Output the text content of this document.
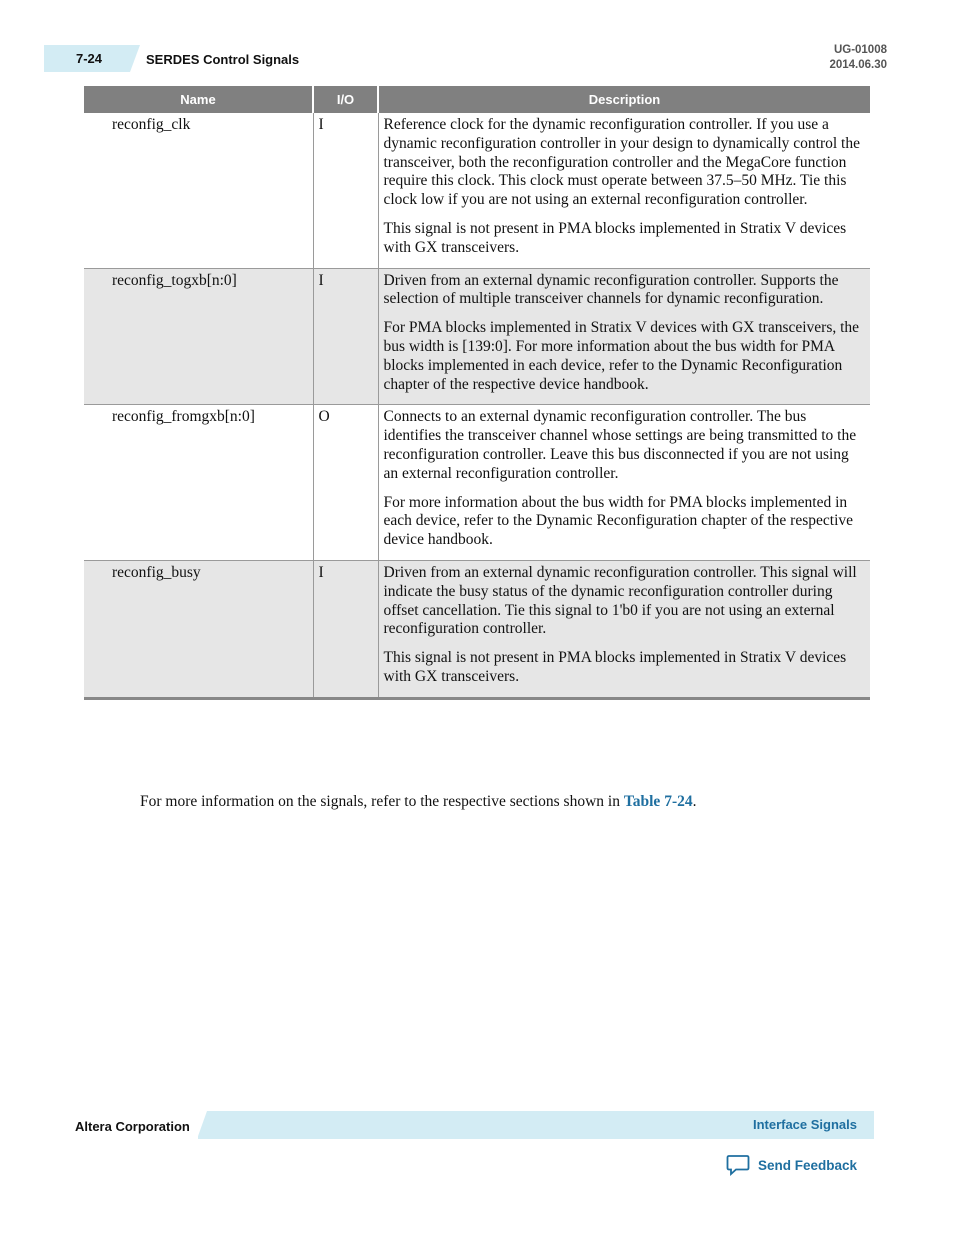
7-24	SERDES Control Signals
UG-01008
2014.06.30
Name	I/O	Description
reconfig_clk	I	Reference clock for the dynamic reconfiguration controller. If you use a dynamic reconfiguration controller in your design to dynamically control the transceiver, both the reconfiguration controller and the MegaCore function require this clock. This clock must operate between 37.5–50 MHz. Tie this clock low if you are not using an external reconfiguration controller.

This signal is not present in PMA blocks implemented in Stratix V devices with GX transceivers.

reconfig_togxb[n:0]	I	Driven from an external dynamic reconfiguration controller. Supports the selection of multiple transceiver channels for dynamic reconfiguration.

For PMA blocks implemented in Stratix V devices with GX transceivers, the bus width is [139:0]. For more information about the bus width for PMA blocks implemented in each device, refer to the Dynamic Reconfiguration chapter of the respective device handbook.

reconfig_fromgxb[n:0]	O	Connects to an external dynamic reconfiguration controller. The bus identifies the transceiver channel whose settings are being transmitted to the reconfiguration controller. Leave this bus disconnected if you are not using an external reconfiguration controller.

For more information about the bus width for PMA blocks implemented in each device, refer to the Dynamic Reconfiguration chapter of the respective device handbook.

reconfig_busy	I	Driven from an external dynamic reconfiguration controller. This signal will indicate the busy status of the dynamic reconfiguration controller during offset cancellation. Tie this signal to 1'b0 if you are not using an external reconfiguration controller.

This signal is not present in PMA blocks implemented in Stratix V devices with GX transceivers.

For more information on the signals, refer to the respective sections shown in Table 7-24.
Altera Corporation	Interface Signals
Send Feedback
